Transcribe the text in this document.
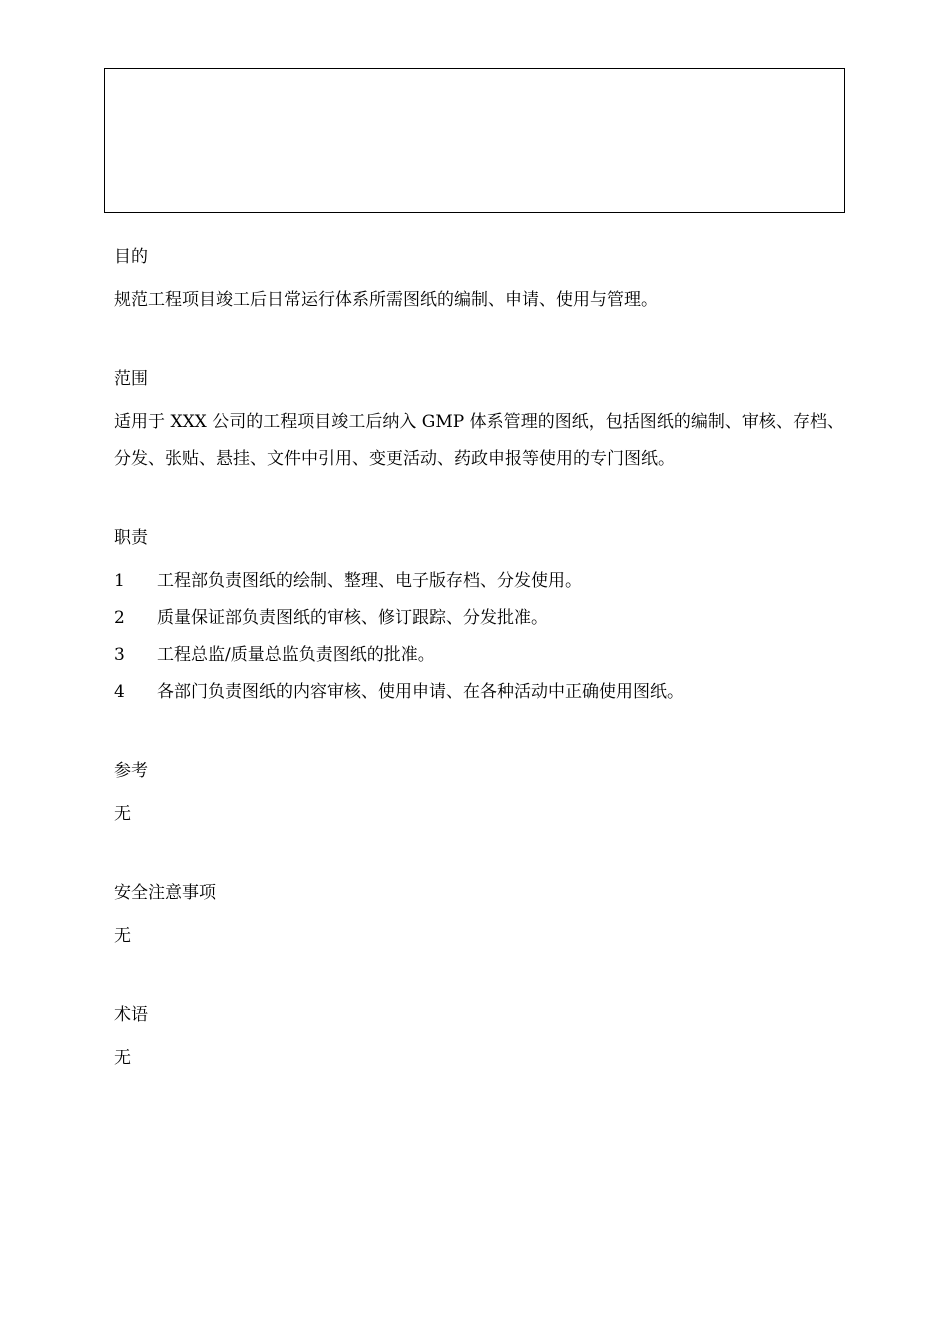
目的

规范工程项目竣工后日常运行体系所需图纸的编制、申请、使用与管理。

范围

适用于 XXX 公司的工程项目竣工后纳入 GMP 体系管理的图纸，包括图纸的编制、审核、存档、分发、张贴、悬挂、文件中引用、变更活动、药政申报等使用的专门图纸。

职责
1	工程部负责图纸的绘制、整理、电子版存档、分发使用。
2	质量保证部负责图纸的审核、修订跟踪、分发批准。
3	工程总监/质量总监负责图纸的批准。
4	各部门负责图纸的内容审核、使用申请、在各种活动中正确使用图纸。
参考

无

安全注意事项

无

术语

无
